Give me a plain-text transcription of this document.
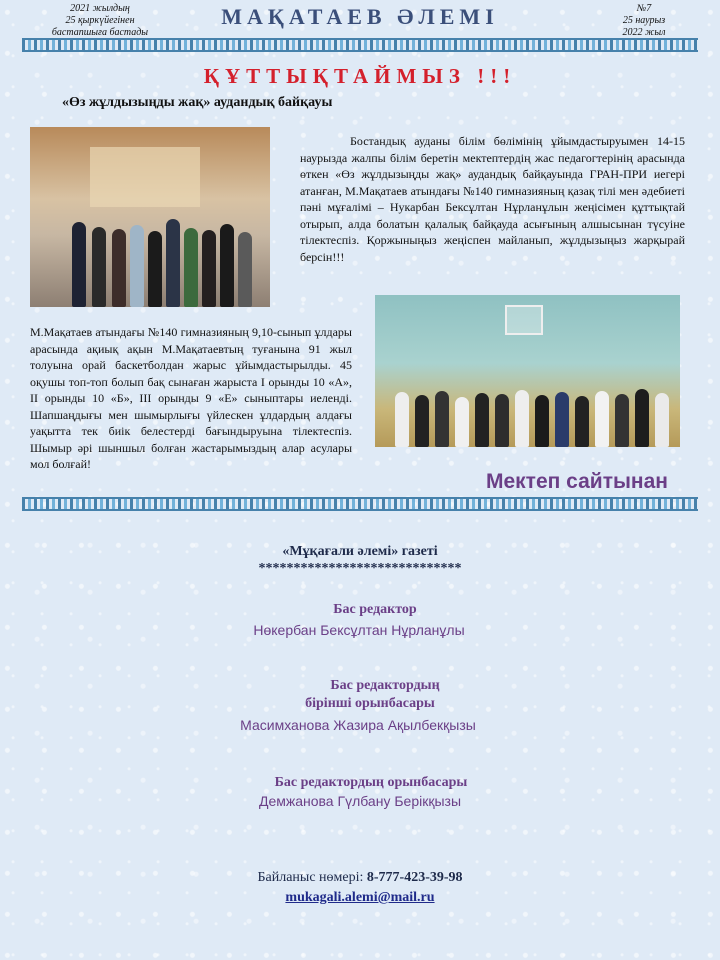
2021 жылдың
25 қыркүйегінен
бастапшыға бастады
МАҚАТАЕВ ӘЛЕМІ	№7
25 наурыз
2022 жыл
ҚҰТТЫҚТАЙМЫЗ !!!
«Өз жұлдызыңды жақ» аудандық байқауы
Бостандық ауданы білім бөлімінің ұйымдастыруымен 14-15 наурызда жалпы білім беретін мектептердің жас педагогтерінің арасында өткен «Өз жұлдызыңды жақ» аудандық байқауында ГРАН-ПРИ иегері атанған, М.Мақатаев атындағы №140 гимназияның қазақ тілі мен әдебиеті пәні мұғалімі – Нукарбан Бексұлтан Нұрланұлын жеңісімен құттықтай отырып, алда болатын қалалық байқауда асығының алшысынан түсуіне тілектеспіз. Қоржыныңыз жеңіспен майланып, жұлдызыңыз жарқырай берсін!!!
М.Мақатаев атындағы №140 гимназияның 9,10-сынып ұлдары арасында ақиық ақын М.Мақатаевтың туғанына 91 жыл толуына орай баскетболдан жарыс ұйымдастырылды. 45 оқушы топ-топ болып бақ сынаған жарыста I орынды 10 «А», II орынды 10 «Б», III орынды 9 «Е» сыныптары иеленді. Шапшаңдығы мен шымырлығы үйлескен ұлдардың алдағы уақытта тек биік белестерді бағындыруына тілектеспіз. Шымыр әрі шыншыл болған жастарымыздың алар асулары мол болғай!
Мектеп сайтынан
«Мұқағали әлемі» газеті
*****************************
Бас редактор
Нөкербан Бексұлтан Нұрланұлы
Бас редактордың
бірінші орынбасары
Масимханова Жазира Ақылбекқызы
Бас редактордың орынбасары
Демжанова Гүлбану Берікқызы
Байланыс нөмері: 8-777-423-39-98
mukagali.alemi@mail.ru
